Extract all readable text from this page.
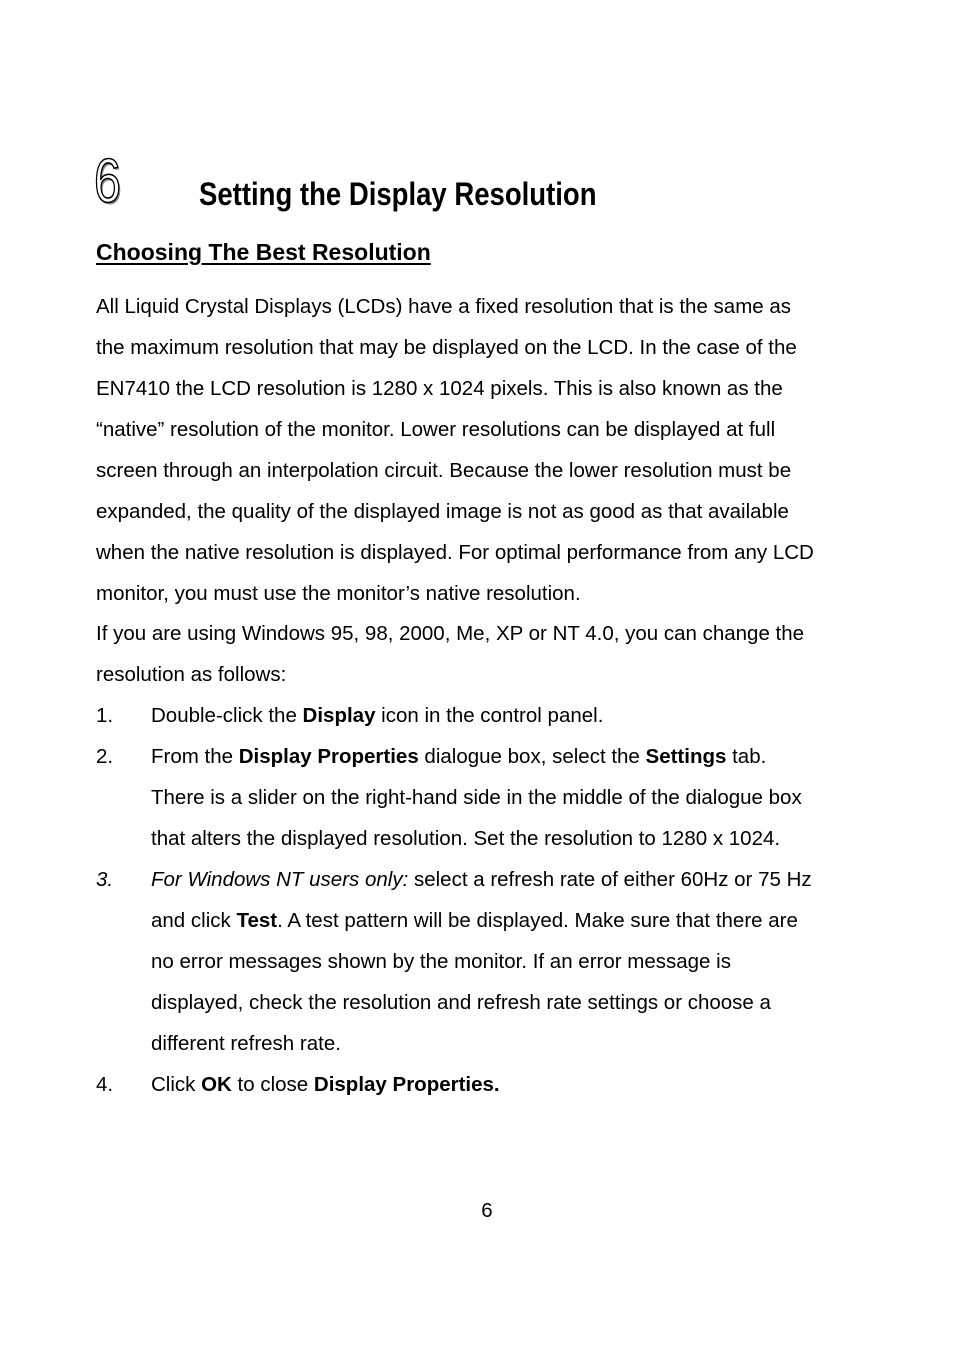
6 Setting the Display Resolution
Choosing The Best Resolution
All Liquid Crystal Displays (LCDs) have a fixed resolution that is the same as
the maximum resolution that may be displayed on the LCD. In the case of the
EN7410 the LCD resolution is 1280 x 1024 pixels. This is also known as the
“native” resolution of the monitor. Lower resolutions can be displayed at full
screen through an interpolation circuit. Because the lower resolution must be
expanded, the quality of the displayed image is not as good as that available
when the native resolution is displayed. For optimal performance from any LCD
monitor, you must use the monitor’s native resolution.
If you are using Windows 95, 98, 2000, Me, XP or NT 4.0, you can change the
resolution as follows:
1. Double-click the Display icon in the control panel.
2. From the Display Properties dialogue box, select the Settings tab.
There is a slider on the right-hand side in the middle of the dialogue box
that alters the displayed resolution. Set the resolution to 1280 x 1024.
3. For Windows NT users only: select a refresh rate of either 60Hz or 75 Hz
and click Test. A test pattern will be displayed. Make sure that there are
no error messages shown by the monitor. If an error message is
displayed, check the resolution and refresh rate settings or choose a
different refresh rate.
4. Click OK to close Display Properties.
6
